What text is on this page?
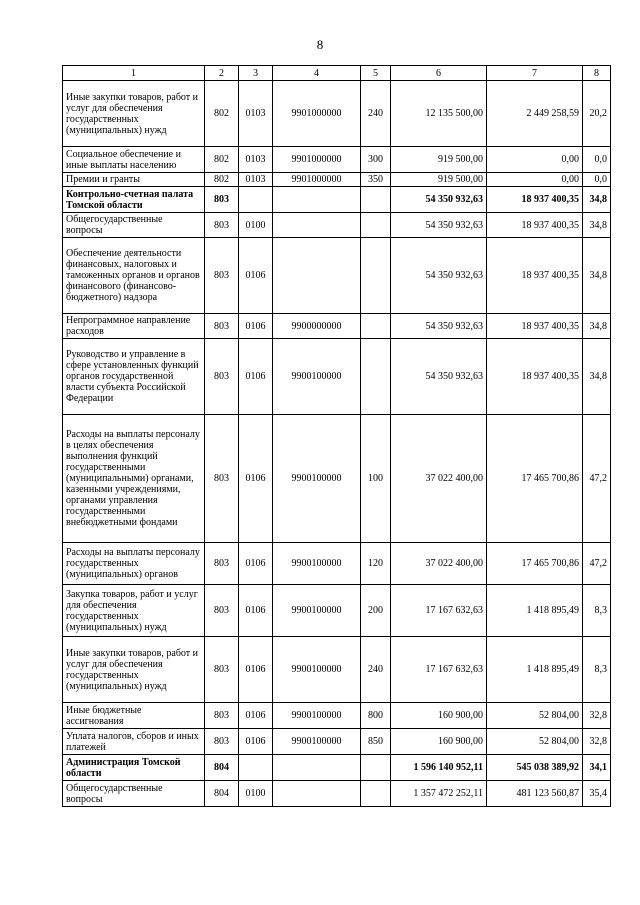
8
1	2	3	4	5	6	7	8
Иные закупки товаров, работ и услуг для обеспечения государственных (муниципальных) нужд	802	0103	9901000000	240	12 135 500,00	2 449 258,59	20,2
Социальное обеспечение и иные выплаты населению	802	0103	9901000000	300	919 500,00	0,00	0,0
Премии и гранты	802	0103	9901000000	350	919 500,00	0,00	0,0
Контрольно-счетная палата Томской области	803				54 350 932,63	18 937 400,35	34,8
Общегосударственные вопросы	803	0100			54 350 932,63	18 937 400,35	34,8
Обеспечение деятельности финансовых, налоговых и таможенных органов и органов финансового (финансово-бюджетного) надзора	803	0106			54 350 932,63	18 937 400,35	34,8
Непрограммное направление расходов	803	0106	9900000000		54 350 932,63	18 937 400,35	34,8
Руководство и управление в сфере установленных функций органов государственной власти субъекта Российской Федерации	803	0106	9900100000		54 350 932,63	18 937 400,35	34,8
Расходы на выплаты персоналу в целях обеспечения выполнения функций государственными (муниципальными) органами, казенными учреждениями, органами управления государственными внебюджетными фондами	803	0106	9900100000	100	37 022 400,00	17 465 700,86	47,2
Расходы на выплаты персоналу государственных (муниципальных) органов	803	0106	9900100000	120	37 022 400,00	17 465 700,86	47,2
Закупка товаров, работ и услуг для обеспечения государственных (муниципальных) нужд	803	0106	9900100000	200	17 167 632,63	1 418 895,49	8,3
Иные закупки товаров, работ и услуг для обеспечения государственных (муниципальных) нужд	803	0106	9900100000	240	17 167 632,63	1 418 895,49	8,3
Иные бюджетные ассигнования	803	0106	9900100000	800	160 900,00	52 804,00	32,8
Уплата налогов, сборов и иных платежей	803	0106	9900100000	850	160 900,00	52 804,00	32,8
Администрация Томской области	804				1 596 140 952,11	545 038 389,92	34,1
Общегосударственные вопросы	804	0100			1 357 472 252,11	481 123 560,87	35,4
